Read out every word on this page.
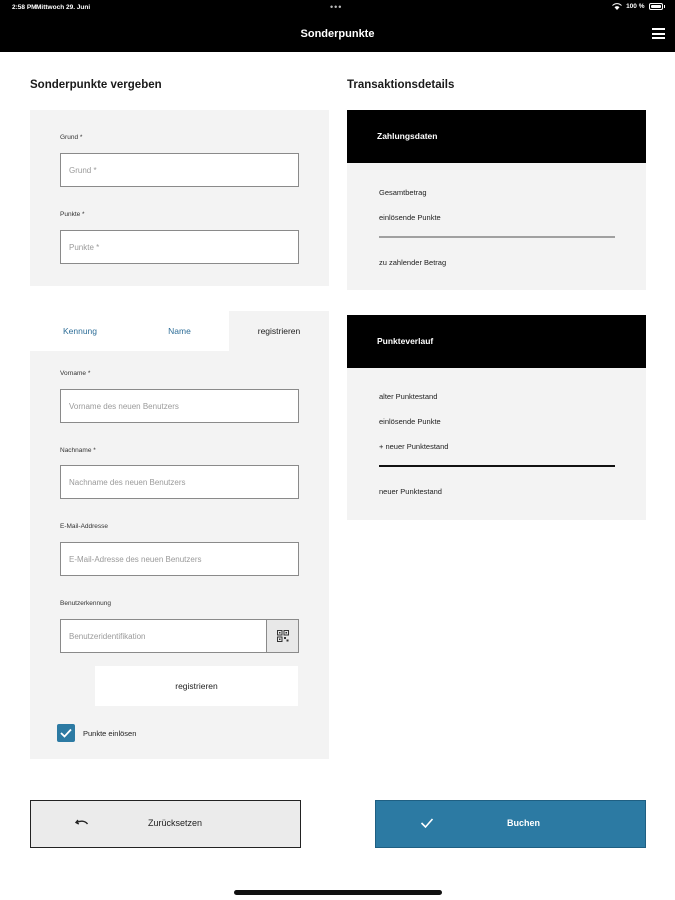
2:58 PM Mittwoch 29. Juni	•••	100 %
Sonderpunkte
Sonderpunkte vergeben
Grund *
Grund *
Punkte *
Punkte *
Kennung	Name	registrieren
Vorname *
Vorname des neuen Benutzers
Nachname *
Nachname des neuen Benutzers
E-Mail-Addresse
E-Mail-Adresse des neuen Benutzers
Benutzerkennung
Benutzeridentifikation
registrieren
Punkte einlösen
Transaktionsdetails
Zahlungsdaten
Gesamtbetrag
einlösende Punkte
zu zahlender Betrag
Punkteverlauf
alter Punktestand
einlösende Punkte
+ neuer Punktestand
neuer Punktestand
Zurücksetzen	Buchen
